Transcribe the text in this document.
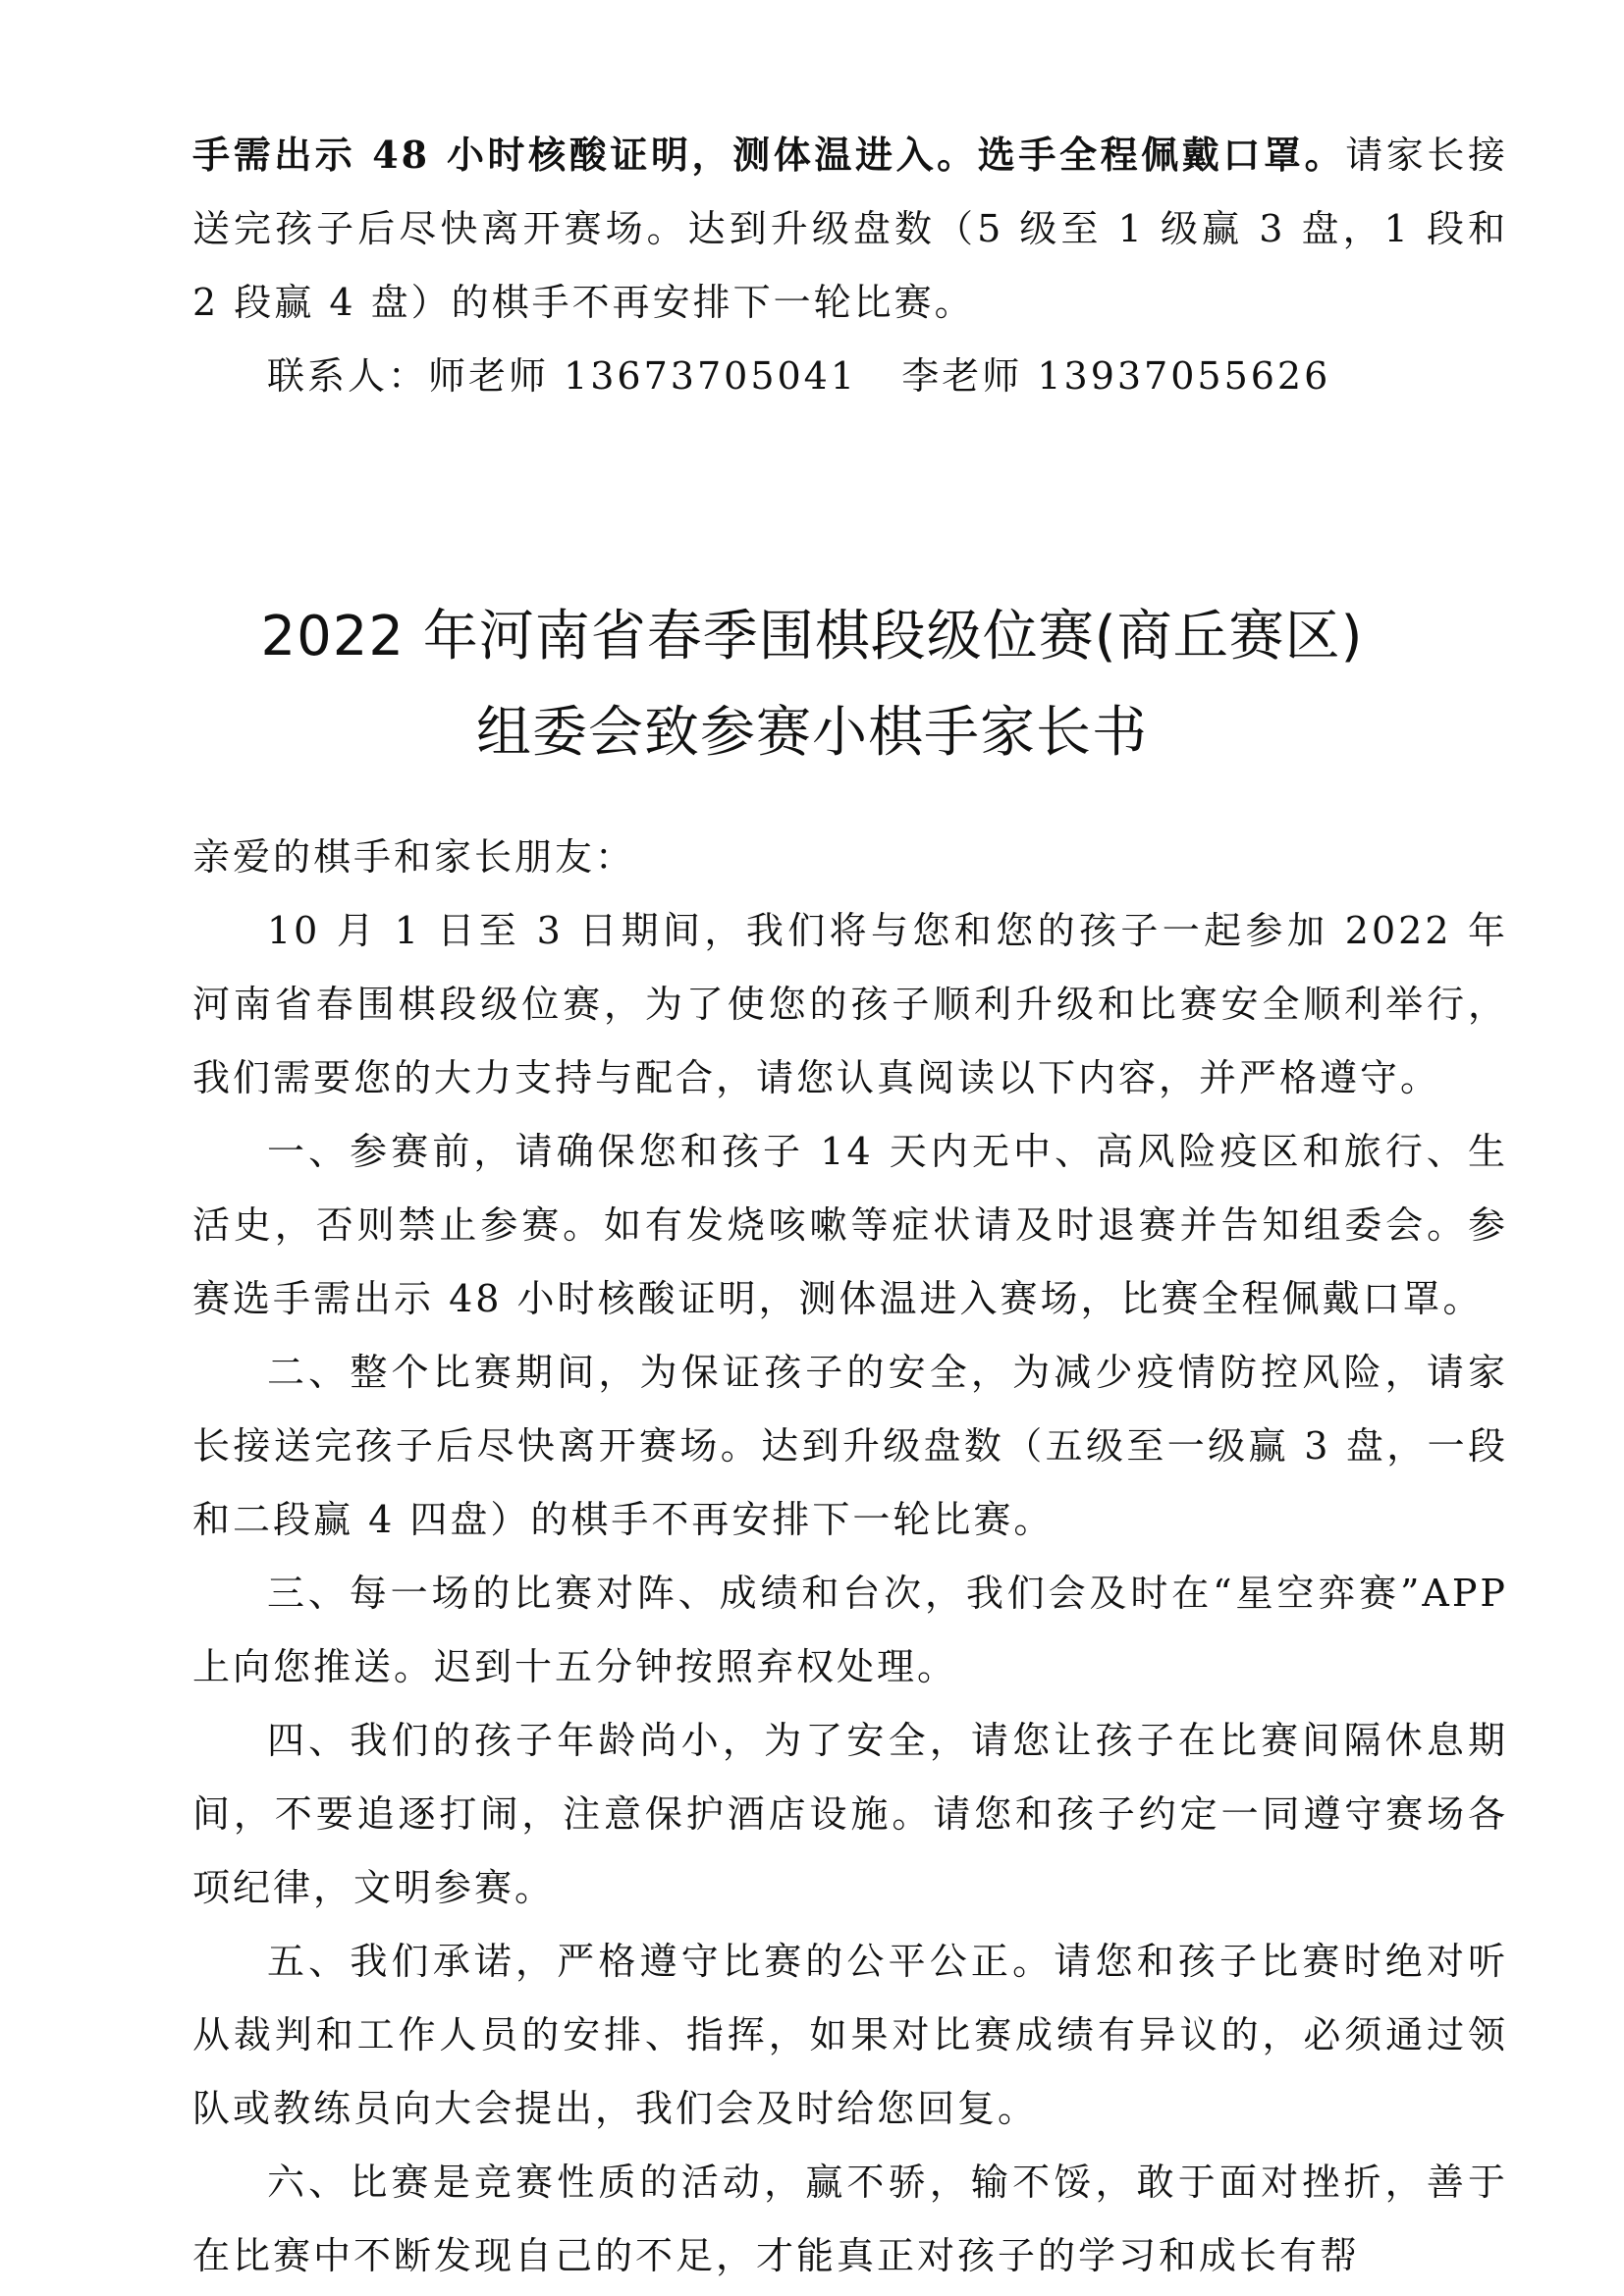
手需出示 48 小时核酸证明，测体温进入。选手全程佩戴口罩。请家长接送完孩子后尽快离开赛场。达到升级盘数（5 级至 1 级赢 3 盘，1 段和 2 段赢 4 盘）的棋手不再安排下一轮比赛。

联系人：师老师 13673705041   李老师 13937055626

2022 年河南省春季围棋段级位赛(商丘赛区)
组委会致参赛小棋手家长书

亲爱的棋手和家长朋友：

10 月 1 日至 3 日期间，我们将与您和您的孩子一起参加 2022 年河南省春围棋段级位赛，为了使您的孩子顺利升级和比赛安全顺利举行，我们需要您的大力支持与配合，请您认真阅读以下内容，并严格遵守。

一、参赛前，请确保您和孩子 14 天内无中、高风险疫区和旅行、生活史，否则禁止参赛。如有发烧咳嗽等症状请及时退赛并告知组委会。参赛选手需出示 48 小时核酸证明，测体温进入赛场，比赛全程佩戴口罩。

二、整个比赛期间，为保证孩子的安全，为减少疫情防控风险，请家长接送完孩子后尽快离开赛场。达到升级盘数（五级至一级赢 3 盘，一段和二段赢 4 四盘）的棋手不再安排下一轮比赛。

三、每一场的比赛对阵、成绩和台次，我们会及时在“星空弈赛”APP 上向您推送。迟到十五分钟按照弃权处理。

四、我们的孩子年龄尚小，为了安全，请您让孩子在比赛间隔休息期间，不要追逐打闹，注意保护酒店设施。请您和孩子约定一同遵守赛场各项纪律，文明参赛。

五、我们承诺，严格遵守比赛的公平公正。请您和孩子比赛时绝对听从裁判和工作人员的安排、指挥，如果对比赛成绩有异议的，必须通过领队或教练员向大会提出，我们会及时给您回复。

六、比赛是竞赛性质的活动，赢不骄，输不馁，敢于面对挫折，善于在比赛中不断发现自己的不足，才能真正对孩子的学习和成长有帮
